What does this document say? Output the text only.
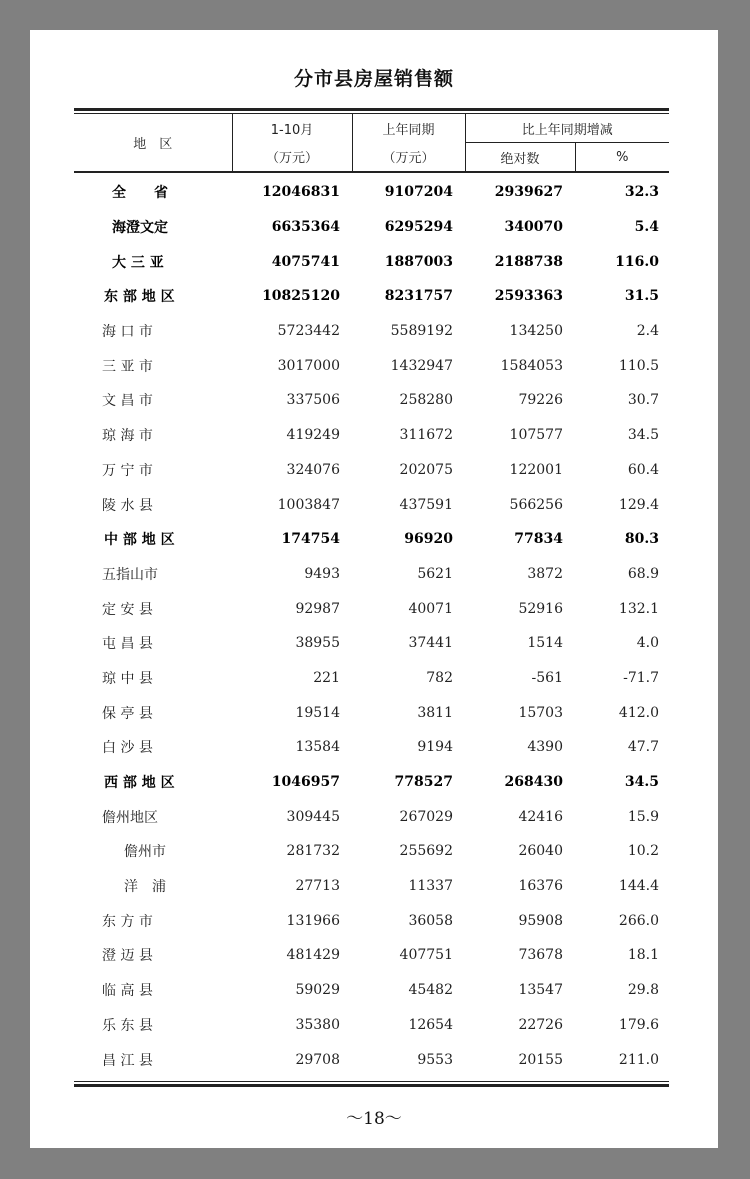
分市县房屋销售额
地　区	1-10月	上年同期	比上年同期增减	
	（万元）	（万元）	绝对数	%
全　　省	12046831	9107204	2939627	32.3
海澄文定	6635364	6295294	340070	5.4
大 三 亚	4075741	1887003	2188738	116.0
东 部 地 区	10825120	8231757	2593363	31.5
海 口 市	5723442	5589192	134250	2.4
三 亚 市	3017000	1432947	1584053	110.5
文 昌 市	337506	258280	79226	30.7
琼 海 市	419249	311672	107577	34.5
万 宁 市	324076	202075	122001	60.4
陵 水 县	1003847	437591	566256	129.4
中 部 地 区	174754	96920	77834	80.3
五指山市	9493	5621	3872	68.9
定 安 县	92987	40071	52916	132.1
屯 昌 县	38955	37441	1514	4.0
琼 中 县	221	782	-561	-71.7
保 亭 县	19514	3811	15703	412.0
白 沙 县	13584	9194	4390	47.7
西 部 地 区	1046957	778527	268430	34.5
儋州地区	309445	267029	42416	15.9
儋州市	281732	255692	26040	10.2
洋　浦	27713	11337	16376	144.4
东 方 市	131966	36058	95908	266.0
澄 迈 县	481429	407751	73678	18.1
临 高 县	59029	45482	13547	29.8
乐 东 县	35380	12654	22726	179.6
昌 江 县	29708	9553	20155	211.0
～18～
